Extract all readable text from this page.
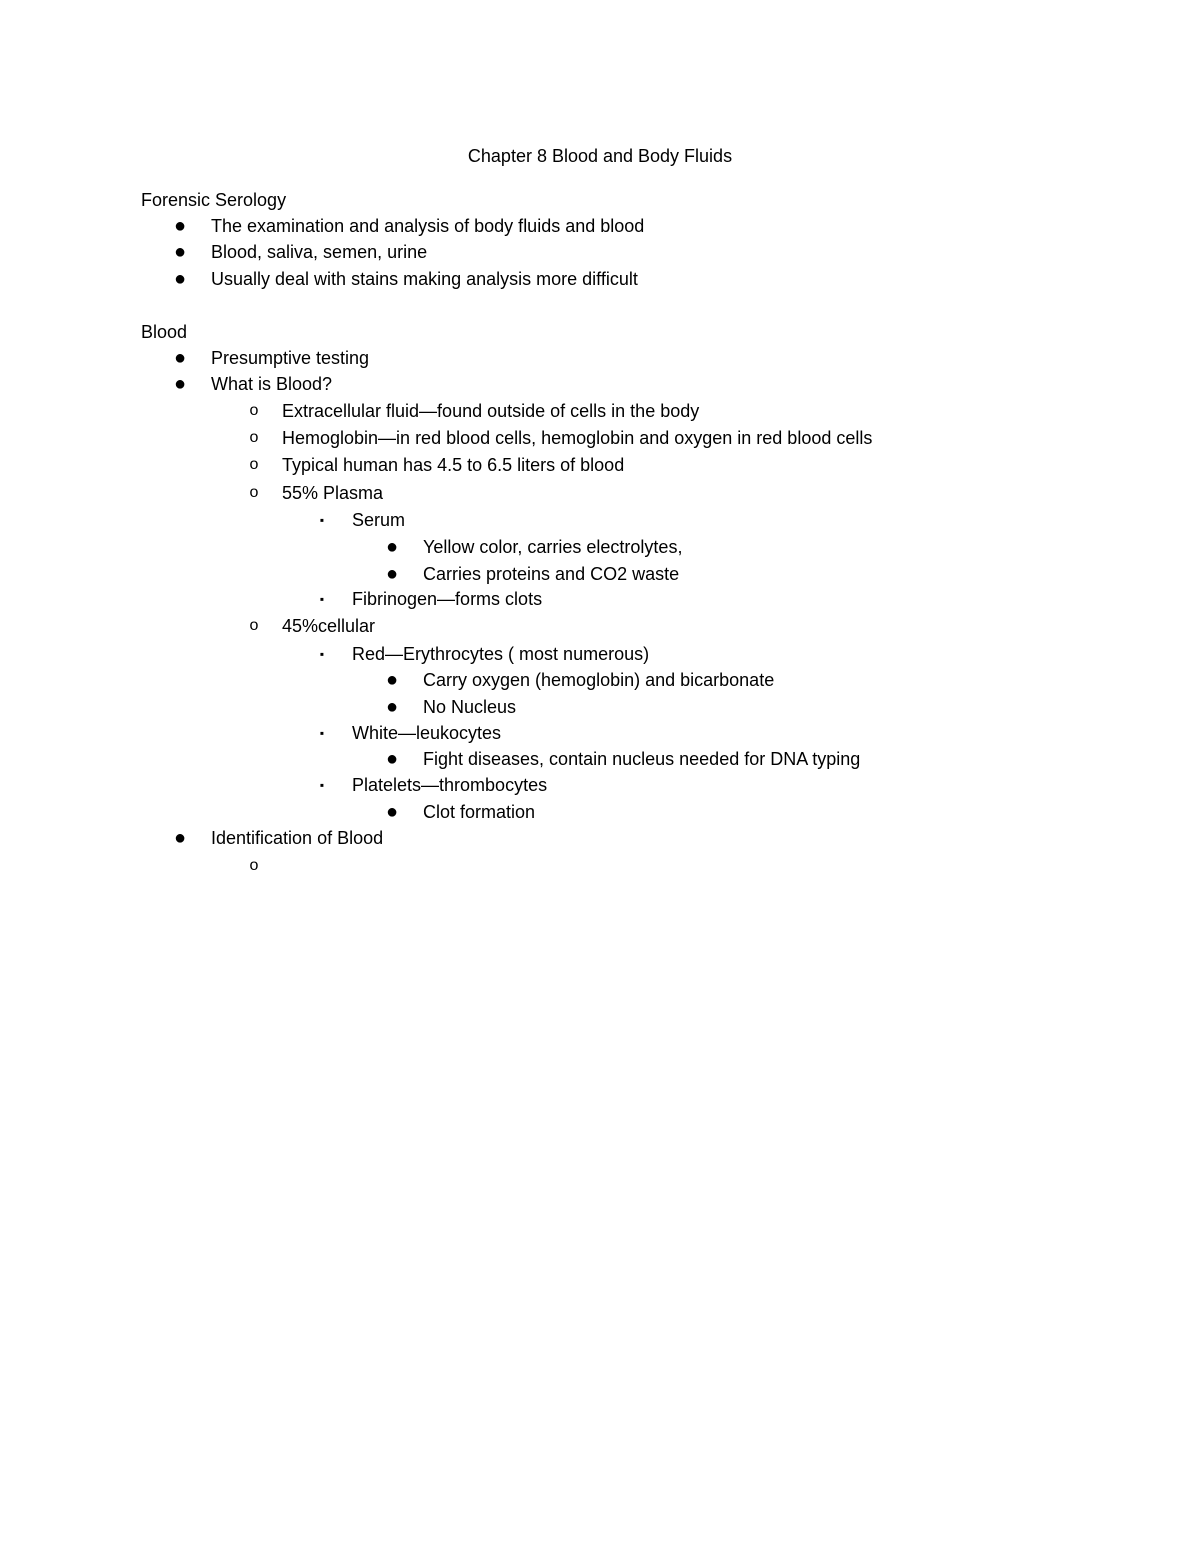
Chapter 8 Blood and Body Fluids
Forensic Serology
● The examination and analysis of body fluids and blood
● Blood, saliva, semen, urine
● Usually deal with stains making analysis more difficult
Blood
● Presumptive testing
● What is Blood?
o	Extracellular fluid—found outside of cells in the body
o	Hemoglobin—in red blood cells, hemoglobin and oxygen in red blood cells
o	Typical human has 4.5 to 6.5 liters of blood
o	55% Plasma
▪	Serum
● Yellow color, carries electrolytes,
● Carries proteins and CO2 waste
▪	Fibrinogen—forms clots
o	45%cellular
▪	Red—Erythrocytes ( most numerous)
● Carry oxygen (hemoglobin) and bicarbonate
● No Nucleus
▪	White—leukocytes
● Fight diseases, contain nucleus needed for DNA typing
▪	Platelets—thrombocytes
● Clot formation
● Identification of Blood
o
